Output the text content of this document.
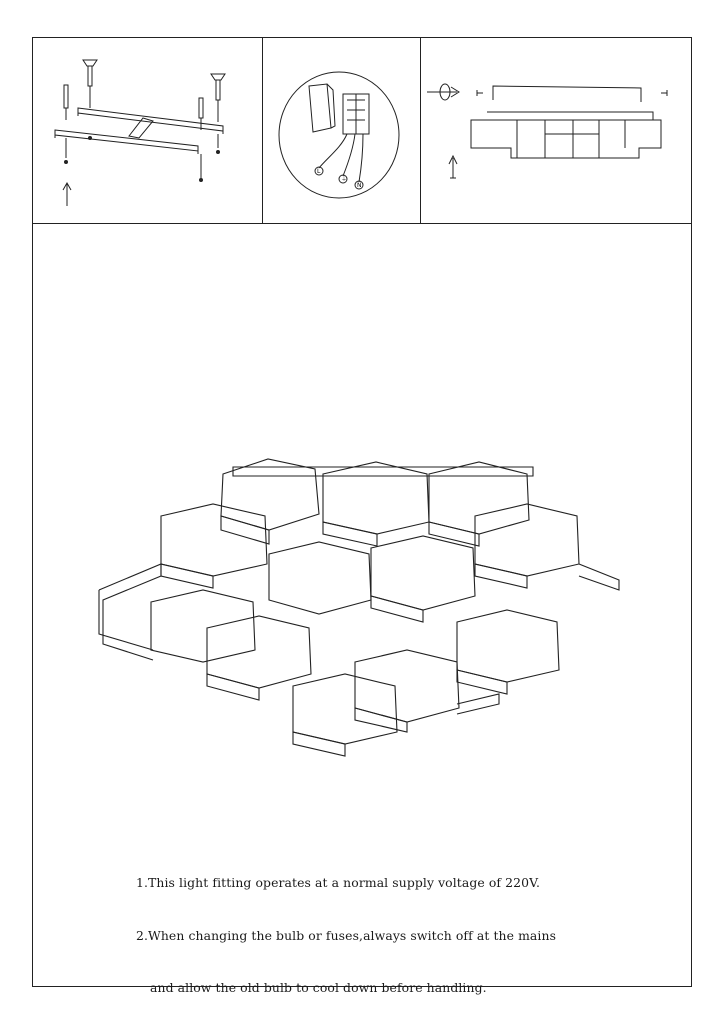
L
⏚
N

1.This light fitting operates at a normal supply voltage of 220V.

2.When changing the bulb or fuses,always switch off at the mains

and allow the old bulb to cool down before handling.
